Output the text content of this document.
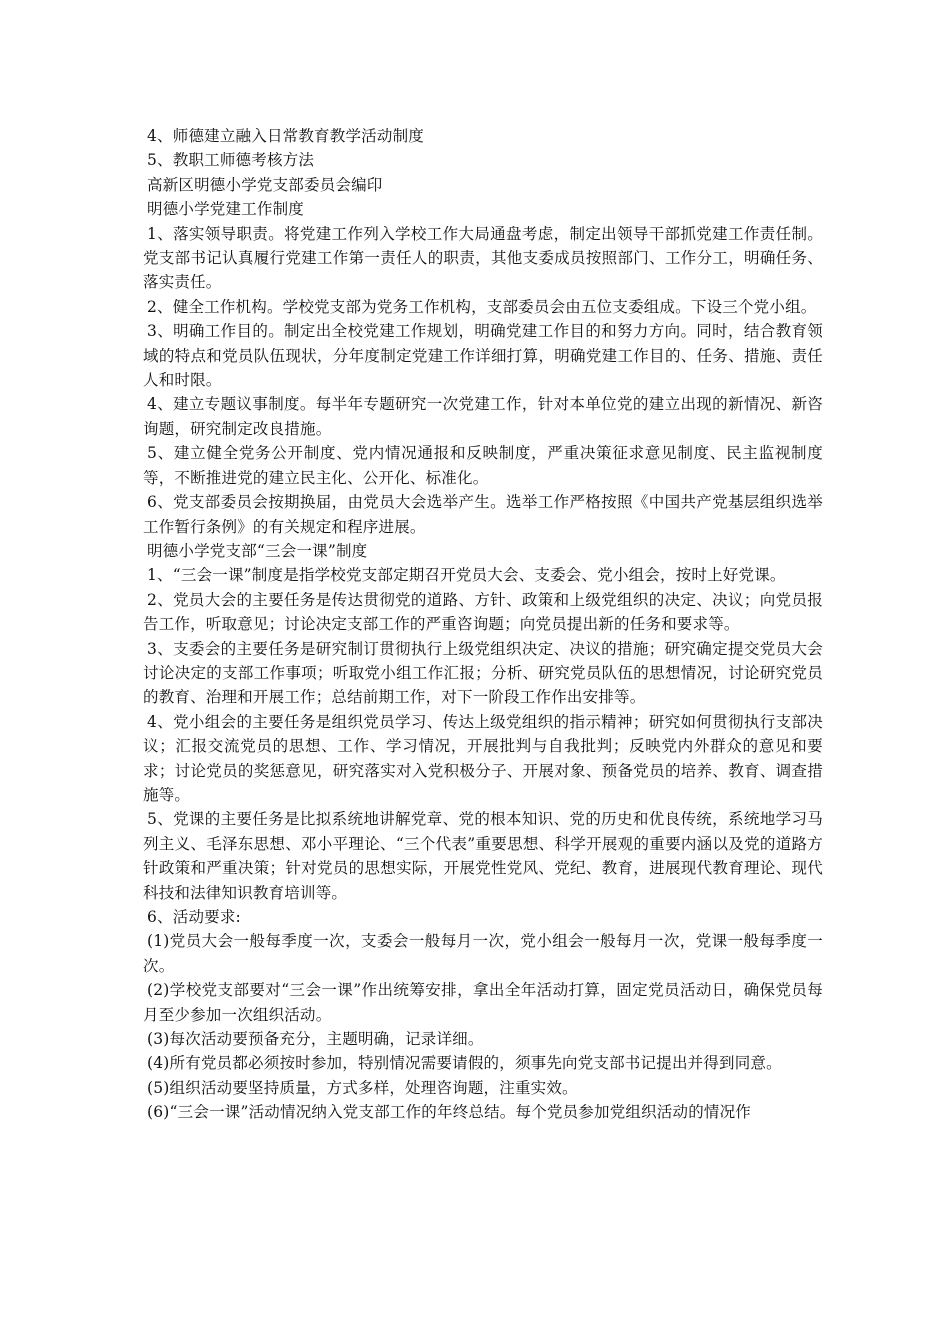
4、师德建立融入日常教育教学活动制度

5、教职工师德考核方法

高新区明德小学党支部委员会编印

明德小学党建工作制度

1、落实领导职责。将党建工作列入学校工作大局通盘考虑，制定出领导干部抓党建工作责任制。党支部书记认真履行党建工作第一责任人的职责，其他支委成员按照部门、工作分工，明确任务、落实责任。

2、健全工作机构。学校党支部为党务工作机构，支部委员会由五位支委组成。下设三个党小组。

3、明确工作目的。制定出全校党建工作规划，明确党建工作目的和努力方向。同时，结合教育领域的特点和党员队伍现状，分年度制定党建工作详细打算，明确党建工作目的、任务、措施、责任人和时限。

4、建立专题议事制度。每半年专题研究一次党建工作，针对本单位党的建立出现的新情况、新咨询题，研究制定改良措施。

5、建立健全党务公开制度、党内情况通报和反映制度，严重决策征求意见制度、民主监视制度等，不断推进党的建立民主化、公开化、标准化。

6、党支部委员会按期换届，由党员大会选举产生。选举工作严格按照《中国共产党基层组织选举工作暂行条例》的有关规定和程序进展。

明德小学党支部“三会一课”制度

1、“三会一课”制度是指学校党支部定期召开党员大会、支委会、党小组会，按时上好党课。

2、党员大会的主要任务是传达贯彻党的道路、方针、政策和上级党组织的决定、决议；向党员报告工作，听取意见；讨论决定支部工作的严重咨询题；向党员提出新的任务和要求等。

3、支委会的主要任务是研究制订贯彻执行上级党组织决定、决议的措施；研究确定提交党员大会讨论决定的支部工作事项；听取党小组工作汇报；分析、研究党员队伍的思想情况，讨论研究党员的教育、治理和开展工作；总结前期工作，对下一阶段工作作出安排等。

4、党小组会的主要任务是组织党员学习、传达上级党组织的指示精神；研究如何贯彻执行支部决议；汇报交流党员的思想、工作、学习情况，开展批判与自我批判；反映党内外群众的意见和要求；讨论党员的奖惩意见，研究落实对入党积极分子、开展对象、预备党员的培养、教育、调查措施等。

5、党课的主要任务是比拟系统地讲解党章、党的根本知识、党的历史和优良传统，系统地学习马列主义、毛泽东思想、邓小平理论、“三个代表”重要思想、科学开展观的重要内涵以及党的道路方针政策和严重决策；针对党员的思想实际，开展党性党风、党纪、教育，进展现代教育理论、现代科技和法律知识教育培训等。

6、活动要求:

(1)党员大会一般每季度一次，支委会一般每月一次，党小组会一般每月一次，党课一般每季度一次。

(2)学校党支部要对“三会一课”作出统筹安排，拿出全年活动打算，固定党员活动日，确保党员每月至少参加一次组织活动。

(3)每次活动要预备充分，主题明确，记录详细。

(4)所有党员都必须按时参加，特别情况需要请假的，须事先向党支部书记提出并得到同意。

(5)组织活动要坚持质量，方式多样，处理咨询题，注重实效。

(6)“三会一课”活动情况纳入党支部工作的年终总结。每个党员参加党组织活动的情况作
